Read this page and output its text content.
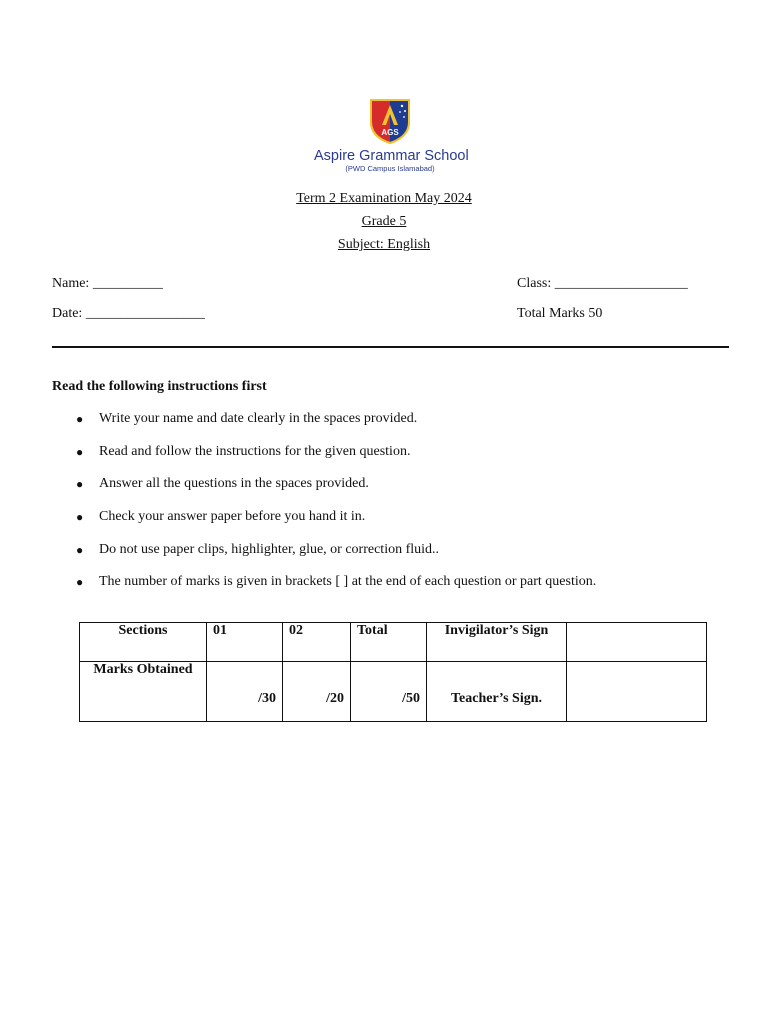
AGS
Aspire Grammar School
(PWD Campus Islamabad)
Term 2 Examination May 2024
Grade 5
Subject: English
Name: __________	Class: ___________________
Date: _________________	Total Marks 50
Read the following instructions first
● Write your name and date clearly in the spaces provided.
● Read and follow the instructions for the given question.
● Answer all the questions in the spaces provided.
● Check your answer paper before you hand it in.
● Do not use paper clips, highlighter, glue, or correction fluid..
● The number of marks is given in brackets [ ] at the end of each question or part question.
Sections	01	02	Total	Invigilator’s Sign	
Marks Obtained	/30	/20	/50	Teacher’s Sign.	
